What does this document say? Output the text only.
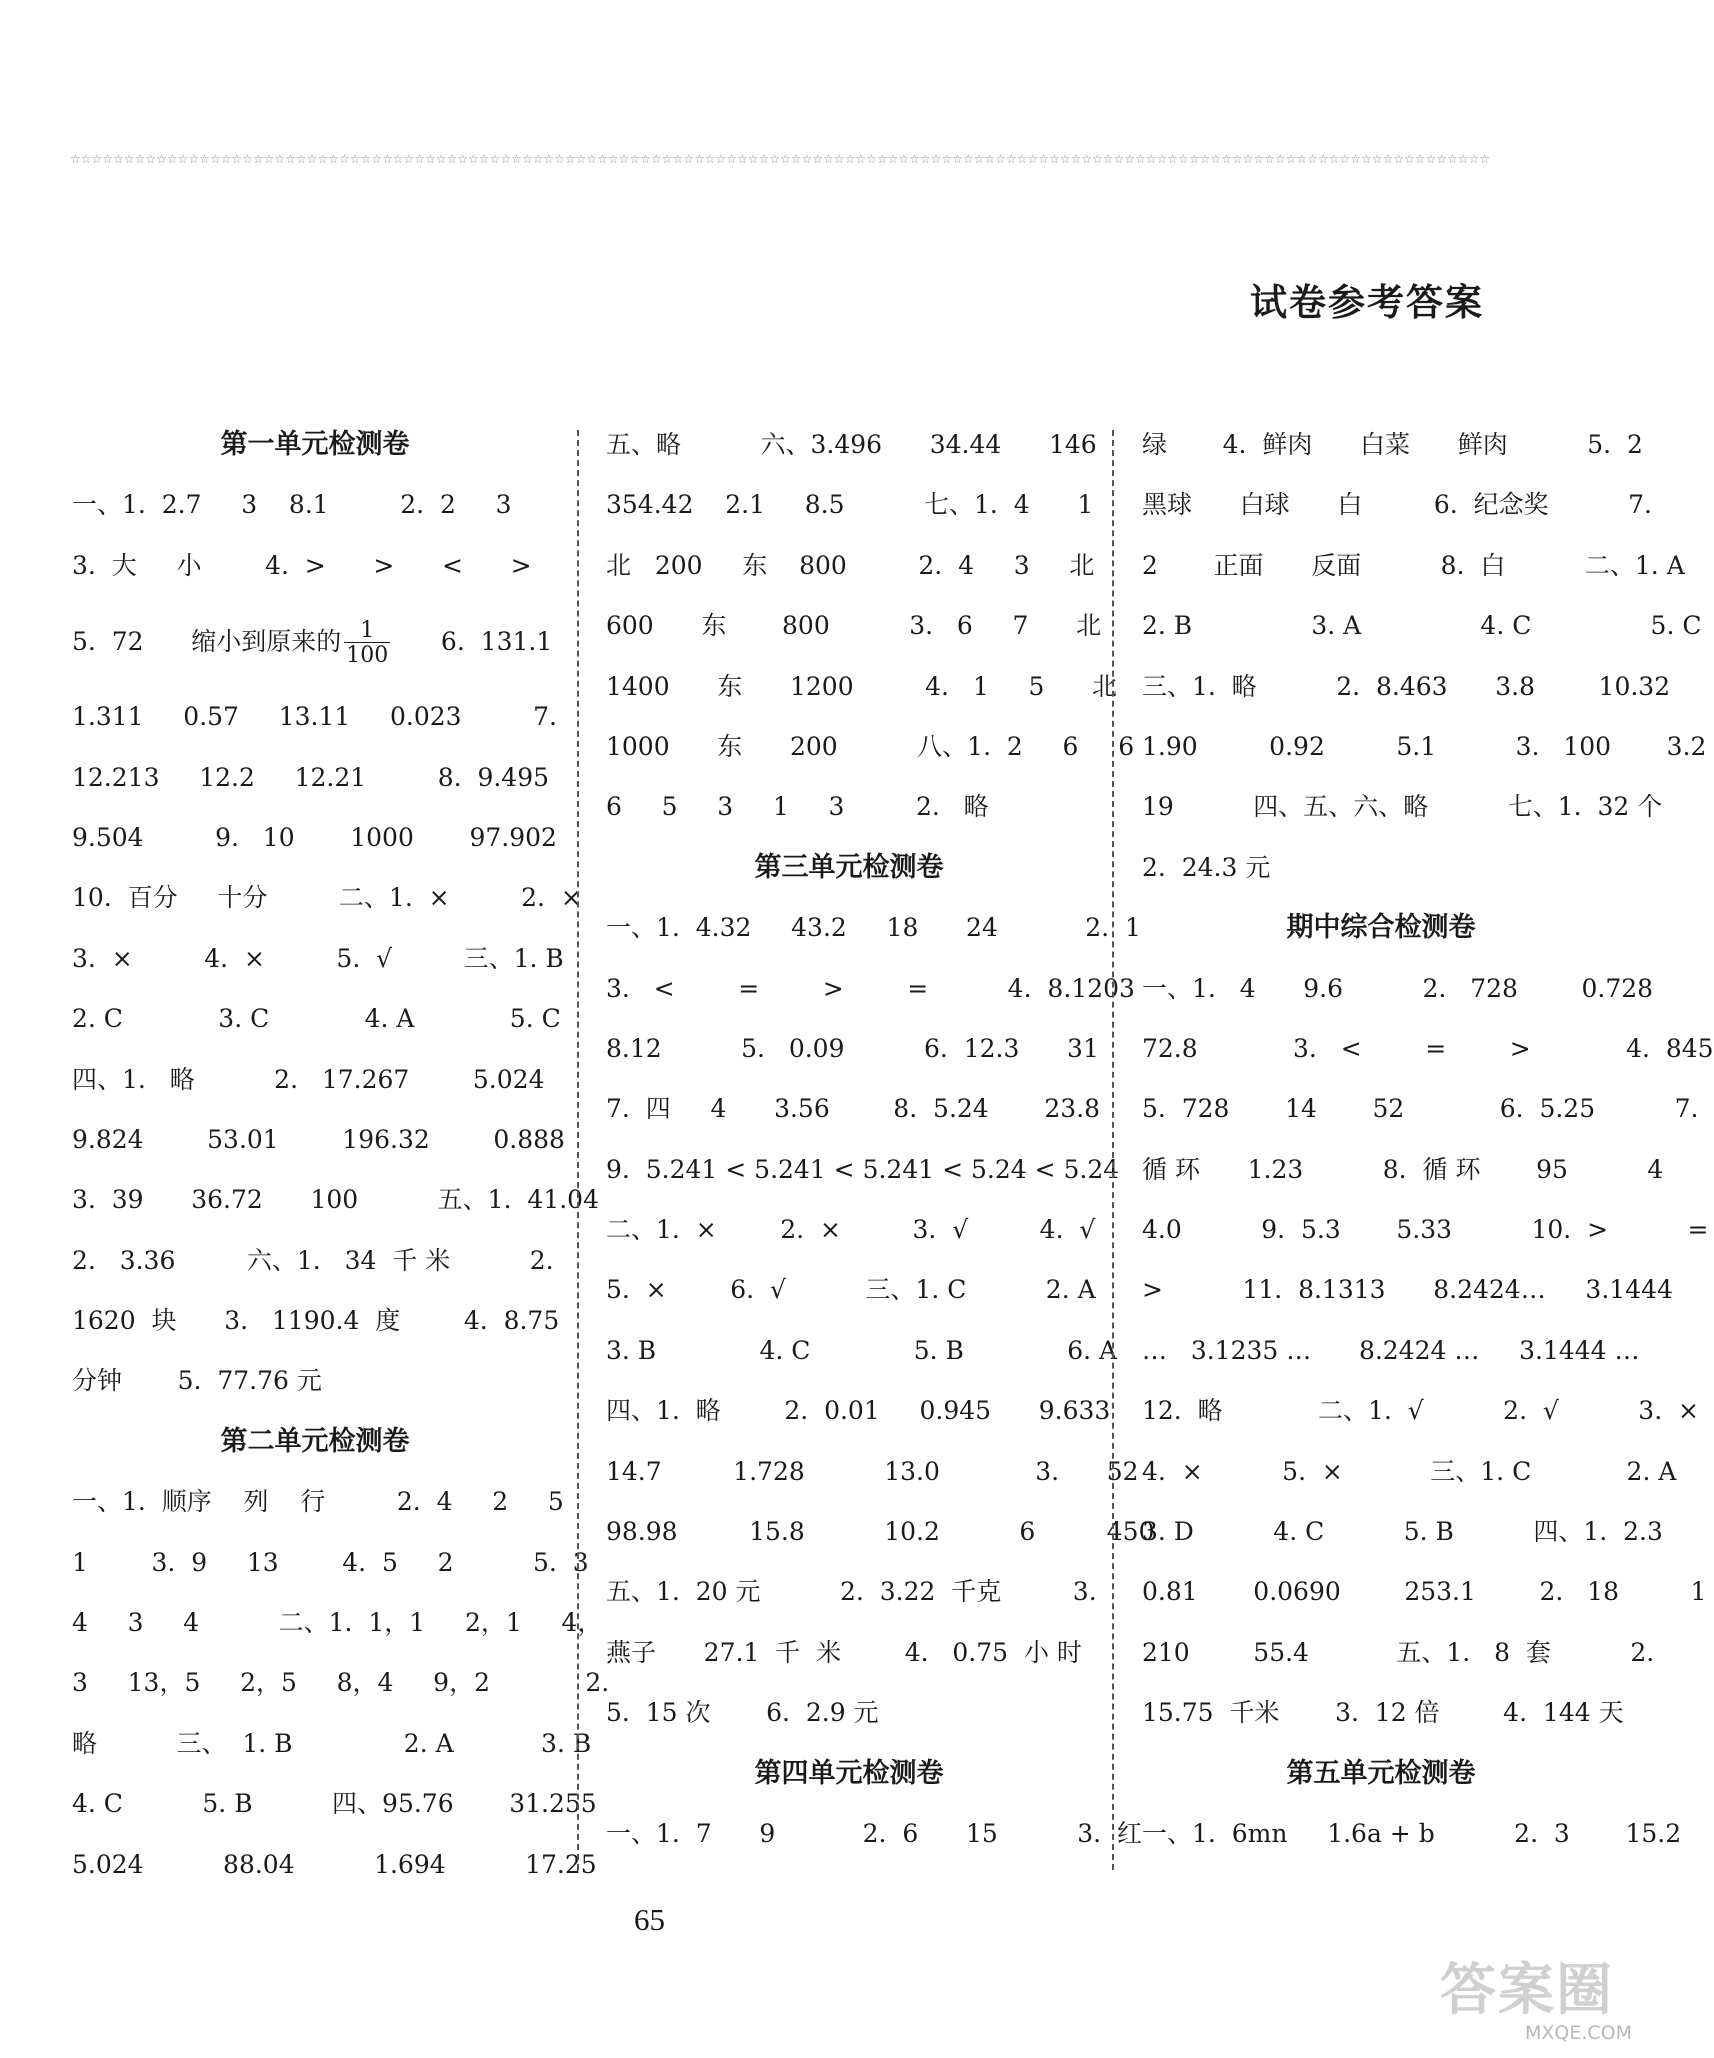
☆☆☆☆☆☆☆☆☆☆☆☆☆☆☆☆☆☆☆☆☆☆☆☆☆☆☆☆☆☆☆☆☆☆☆☆☆☆☆☆☆☆☆☆☆☆☆☆☆☆☆☆☆☆☆☆☆☆☆☆☆☆☆☆☆☆☆☆☆☆☆☆☆☆☆☆☆☆☆☆☆☆☆☆☆☆☆☆☆☆☆☆☆☆☆☆☆☆☆☆☆☆☆☆☆☆☆☆☆☆☆☆☆☆☆☆☆☆☆☆☆☆☆☆☆☆☆☆☆☆☆☆
试卷参考答案
第一单元检测卷
一、1.  2.7     3    8.1         2.  2     3
3.  大     小        4.  >      >      <      >
5.  72      缩小到原来的 $\frac{1}{100} 6$.  131.1
1.311     0.57     13.11     0.023         7.
12.213     12.2     12.21         8.  9.495
9.504         9.   10       1000       97.902
10.  百分     十分         二、1.  ×         2.  ×
3.  ×         4.  ×         5.  √         三、1. B
2. C            3. C            4. A            5. C
四、1.   略          2.   17.267        5.024
9.824        53.01        196.32        0.888
3.  39      36.72      100          五、1.  41.04
2.   3.36         六、1.   34  千 米          2.
1620  块      3.   1190.4  度        4.  8.75
分钟       5.  77.76 元
第二单元检测卷
一、1.  顺序    列    行         2.  4     2     5
1        3.  9     13        4.  5     2          5.  3
4     3     4          二、1.  1，1     2，1     4，
3     13，5     2，5     8，4     9，2            2.
略          三、  1. B              2. A           3. B
4. C          5. B          四、95.76       31.255
5.024          88.04          1.694          17.25
五、略          六、3.496      34.44      146
354.42    2.1     8.5          七、1.  4      1
北   200     东    800         2.  4     3     北
600      东       800          3.   6     7      北
1400      东      1200         4.   1     5      北
1000      东      200          八、1.  2     6     6
6     5     3     1     3         2.   略
第三单元检测卷
一、1.  4.32     43.2     18      24           2.  1
3.   <        =        >        =          4.  8.1203
8.12          5.   0.09          6.  12.3      31
7.  四     4      3.56        8.  5.24       23.8
9.  5.241 < 5.241 < 5.241 < 5.24 < 5.24
二、1.  ×        2.  ×         3.  √         4.  √
5.  ×        6.  √          三、1. C          2. A
3. B             4. C             5. B             6. A
四、1.  略        2.  0.01     0.945      9.633
14.7         1.728          13.0            3.      52
98.98         15.8          10.2          6         450
五、1.  20 元          2.  3.22  千克         3.
燕子      27.1  千  米        4.   0.75  小 时
5.  15 次       6.  2.9 元
第四单元检测卷
一、1.  7      9           2.  6      15          3.  红
绿       4.  鲜肉      白菜      鲜肉          5.  2
黑球      白球      白         6.  纪念奖          7.
2       正面      反面          8.  白          二、1. A
2. B               3. A               4. C               5. C
三、1.  略          2.  8.463      3.8        10.32
1.90         0.92         5.1          3.   100       3.2
19          四、五、六、略          七、1.  32 个
2.  24.3 元
期中综合检测卷
一、1.   4      9.6          2.   728        0.728
72.8            3.   <        =        >            4.  845
5.  728       14       52            6.  5.25          7.
循 环      1.23          8.  循 环       95          4
4.0          9.  5.3       5.33          10.  >          =
>          11.  8.1313      8.2424…     3.1444
…   3.1235 …      8.2424 …     3.1444 …
12.  略            二、1.  √          2.  √          3.  ×
4.  ×          5.  ×           三、1. C            2. A
3. D          4. C          5. B          四、1.  2.3
0.81       0.0690        253.1        2.   18         1
210        55.4           五、1.   8  套          2.
15.75  千米       3.  12 倍        4.  144 天
第五单元检测卷
一、1.  6mn     1.6a + b          2.  3       15.2
65
答案圈
MXQE.COM
